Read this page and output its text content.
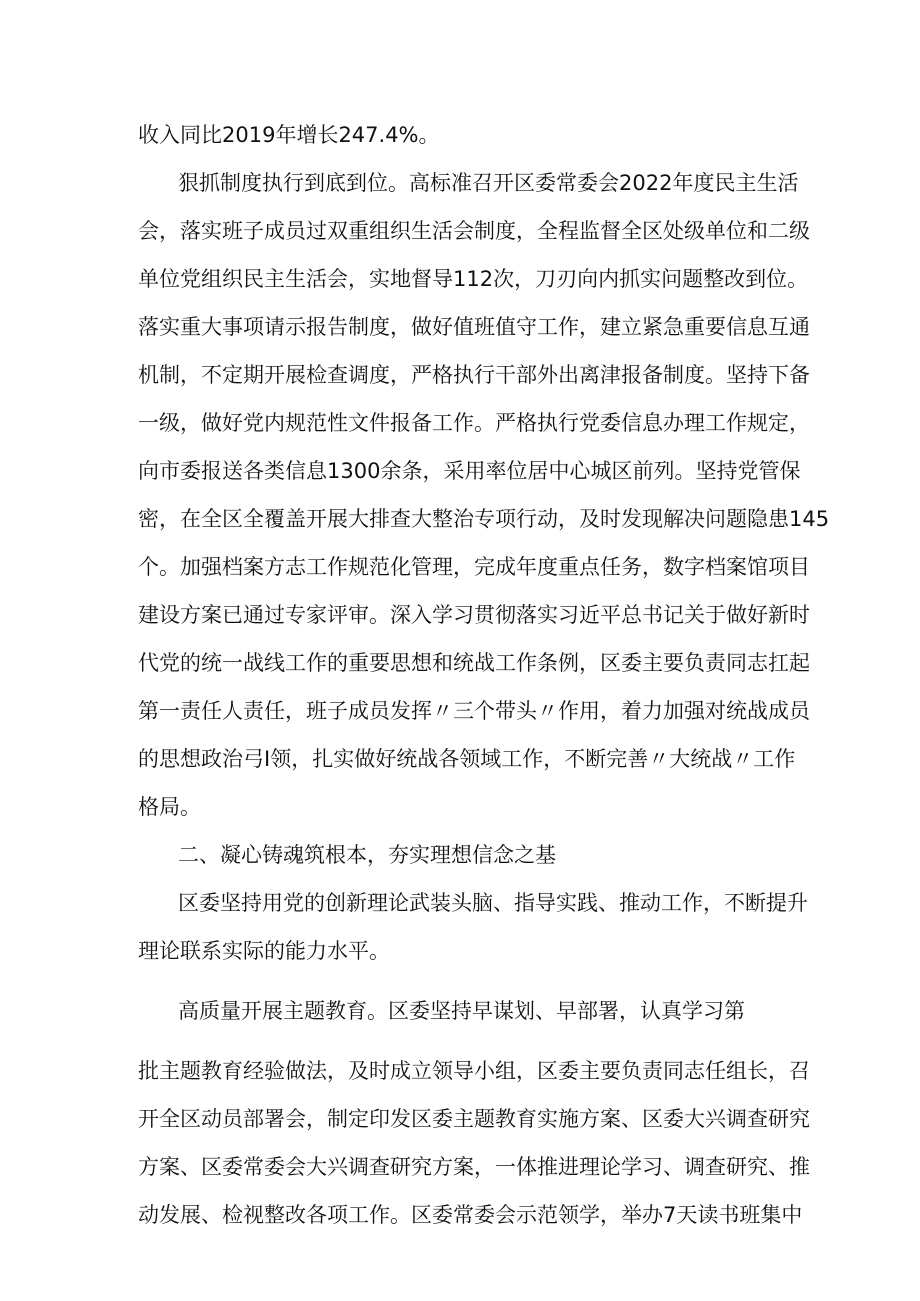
收入同比2019年增长247.4%。
狠抓制度执行到底到位。高标准召开区委常委会2022年度民主生活
会，落实班子成员过双重组织生活会制度，全程监督全区处级单位和二级
单位党组织民主生活会，实地督导112次，刀刃向内抓实问题整改到位。
落实重大事项请示报告制度，做好值班值守工作，建立紧急重要信息互通
机制，不定期开展检查调度，严格执行干部外出离津报备制度。坚持下备
一级，做好党内规范性文件报备工作。严格执行党委信息办理工作规定，
向市委报送各类信息1300余条，采用率位居中心城区前列。坚持党管保
密，在全区全覆盖开展大排查大整治专项行动，及时发现解决问题隐患145
个。加强档案方志工作规范化管理，完成年度重点任务，数字档案馆项目
建设方案已通过专家评审。深入学习贯彻落实习近平总书记关于做好新时
代党的统一战线工作的重要思想和统战工作条例，区委主要负责同志扛起
第一责任人责任，班子成员发挥〃三个带头〃作用，着力加强对统战成员
的思想政治弓I领，扎实做好统战各领域工作，不断完善〃大统战〃工作
格局。
二、凝心铸魂筑根本，夯实理想信念之基
区委坚持用党的创新理论武装头脑、指导实践、推动工作，不断提升
理论联系实际的能力水平。
高质量开展主题教育。区委坚持早谋划、早部署，认真学习第
批主题教育经验做法，及时成立领导小组，区委主要负责同志任组长，召
开全区动员部署会，制定印发区委主题教育实施方案、区委大兴调查研究
方案、区委常委会大兴调查研究方案，一体推进理论学习、调查研究、推
动发展、检视整改各项工作。区委常委会示范领学，举办7天读书班集中
